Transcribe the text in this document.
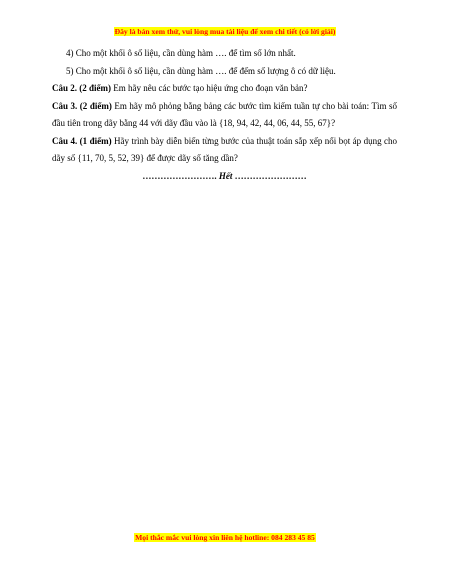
Đây là bản xem thử, vui lòng mua tài liệu để xem chi tiết (có lời giải)

4) Cho một khối ô số liệu, cần dùng hàm …. để tìm số lớn nhất.

5) Cho một khối ô số liệu, cần dùng hàm …. để đếm số lượng ô có dữ liệu.

Câu 2. (2 điểm) Em hãy nêu các bước tạo hiệu ứng cho đoạn văn bản?

Câu 3. (2 điểm) Em hãy mô phỏng bằng bảng các bước tìm kiếm tuần tự cho bài toán: Tìm số đầu tiên trong dãy bằng 44 với dãy đầu vào là {18, 94, 42, 44, 06, 44, 55, 67}?

Câu 4. (1 điểm) Hãy trình bày diễn biến từng bước của thuật toán sắp xếp nổi bọt áp dụng cho dãy số {11, 70, 5, 52, 39} để được dãy số tăng dần?

……………………. Hết ……………………

Mọi thắc mắc vui lòng xin liên hệ hotline: 084 283 45 85
